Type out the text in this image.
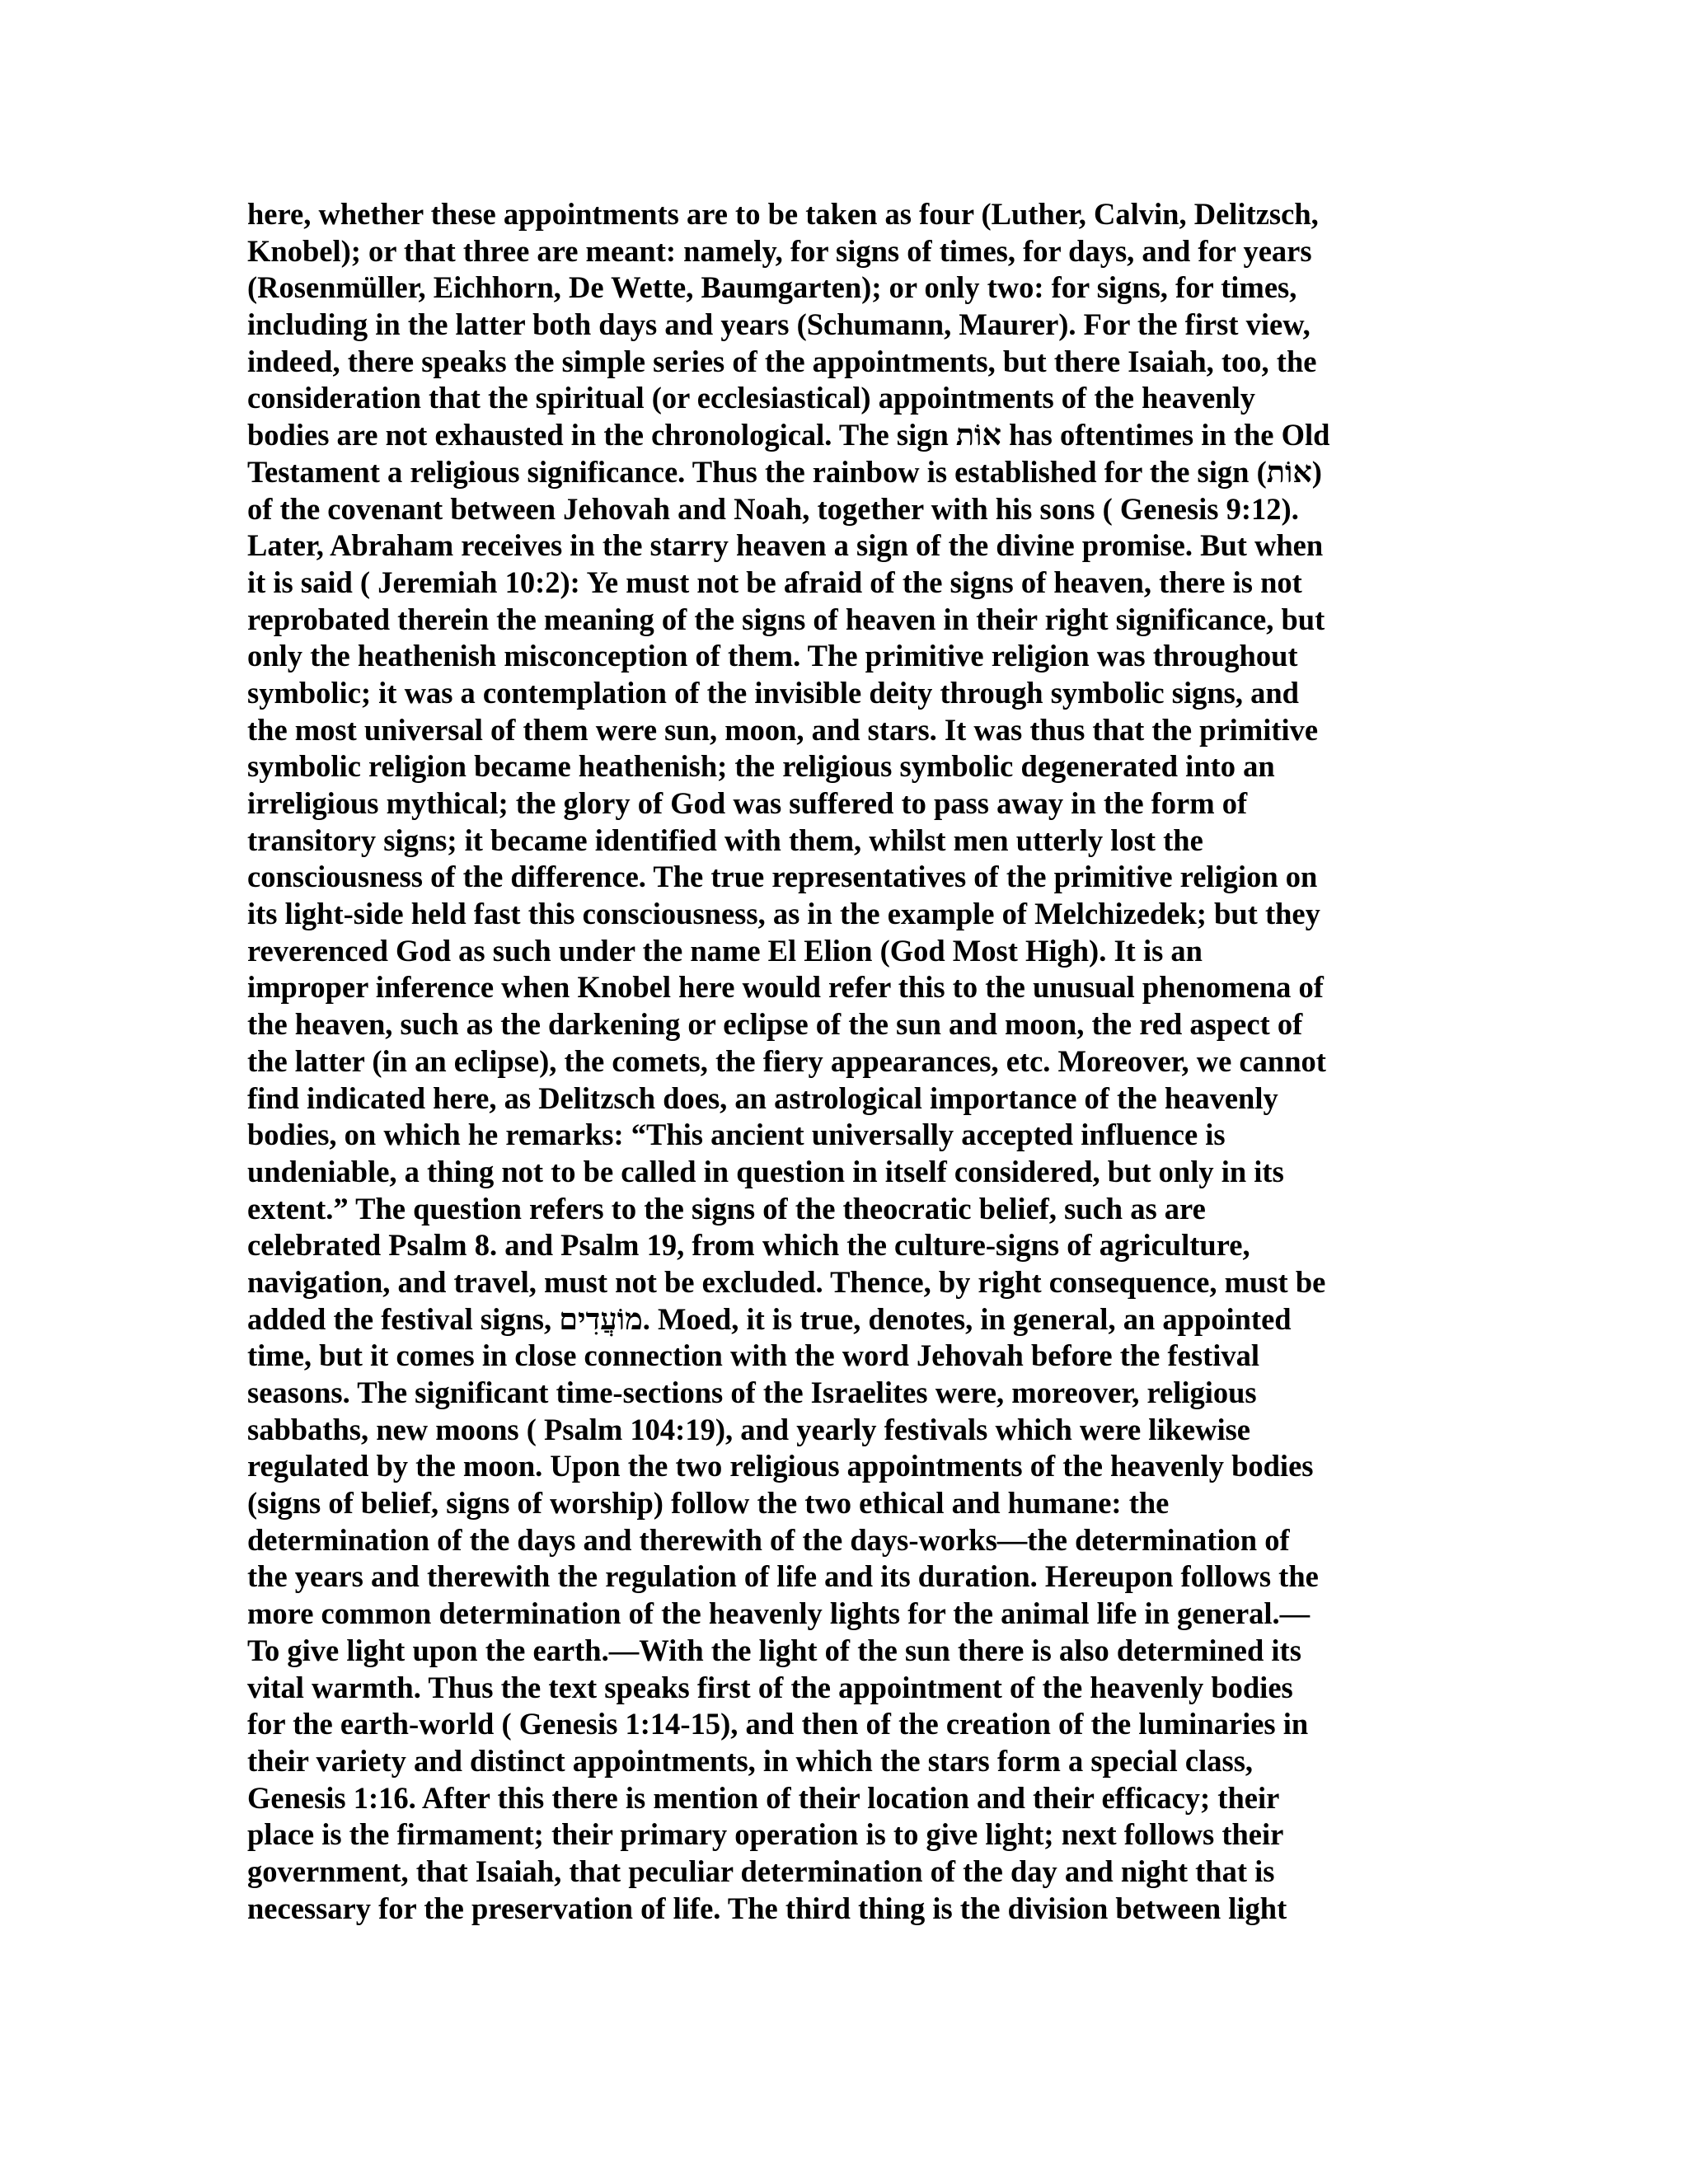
here, whether these appointments are to be taken as four (Luther, Calvin, Delitzsch,
Knobel); or that three are meant: namely, for signs of times, for days, and for years
(Rosenmüller, Eichhorn, De Wette, Baumgarten); or only two: for signs, for times,
including in the latter both days and years (Schumann, Maurer). For the first view,
indeed, there speaks the simple series of the appointments, but there Isaiah, too, the
consideration that the spiritual (or ecclesiastical) appointments of the heavenly
bodies are not exhausted in the chronological. The sign אוֹת has oftentimes in the Old
Testament a religious significance. Thus the rainbow is established for the sign (אוֹת)
of the covenant between Jehovah and Noah, together with his sons ( Genesis 9:12).
Later, Abraham receives in the starry heaven a sign of the divine promise. But when
it is said ( Jeremiah 10:2): Ye must not be afraid of the signs of heaven, there is not
reprobated therein the meaning of the signs of heaven in their right significance, but
only the heathenish misconception of them. The primitive religion was throughout
symbolic; it was a contemplation of the invisible deity through symbolic signs, and
the most universal of them were sun, moon, and stars. It was thus that the primitive
symbolic religion became heathenish; the religious symbolic degenerated into an
irreligious mythical; the glory of God was suffered to pass away in the form of
transitory signs; it became identified with them, whilst men utterly lost the
consciousness of the difference. The true representatives of the primitive religion on
its light-side held fast this consciousness, as in the example of Melchizedek; but they
reverenced God as such under the name El Elion (God Most High). It is an
improper inference when Knobel here would refer this to the unusual phenomena of
the heaven, such as the darkening or eclipse of the sun and moon, the red aspect of
the latter (in an eclipse), the comets, the fiery appearances, etc. Moreover, we cannot
find indicated here, as Delitzsch does, an astrological importance of the heavenly
bodies, on which he remarks: “This ancient universally accepted influence is
undeniable, a thing not to be called in question in itself considered, but only in its
extent.” The question refers to the signs of the theocratic belief, such as are
celebrated Psalm 8. and Psalm 19, from which the culture-signs of agriculture,
navigation, and travel, must not be excluded. Thence, by right consequence, must be
added the festival signs, מוֹעֲדִים. Moed, it is true, denotes, in general, an appointed
time, but it comes in close connection with the word Jehovah before the festival
seasons. The significant time-sections of the Israelites were, moreover, religious
sabbaths, new moons ( Psalm 104:19), and yearly festivals which were likewise
regulated by the moon. Upon the two religious appointments of the heavenly bodies
(signs of belief, signs of worship) follow the two ethical and humane: the
determination of the days and therewith of the days-works—the determination of
the years and therewith the regulation of life and its duration. Hereupon follows the
more common determination of the heavenly lights for the animal life in general.—
To give light upon the earth.—With the light of the sun there is also determined its
vital warmth. Thus the text speaks first of the appointment of the heavenly bodies
for the earth-world ( Genesis 1:14-15), and then of the creation of the luminaries in
their variety and distinct appointments, in which the stars form a special class,
Genesis 1:16. After this there is mention of their location and their efficacy; their
place is the firmament; their primary operation is to give light; next follows their
government, that Isaiah, that peculiar determination of the day and night that is
necessary for the preservation of life. The third thing is the division between light
